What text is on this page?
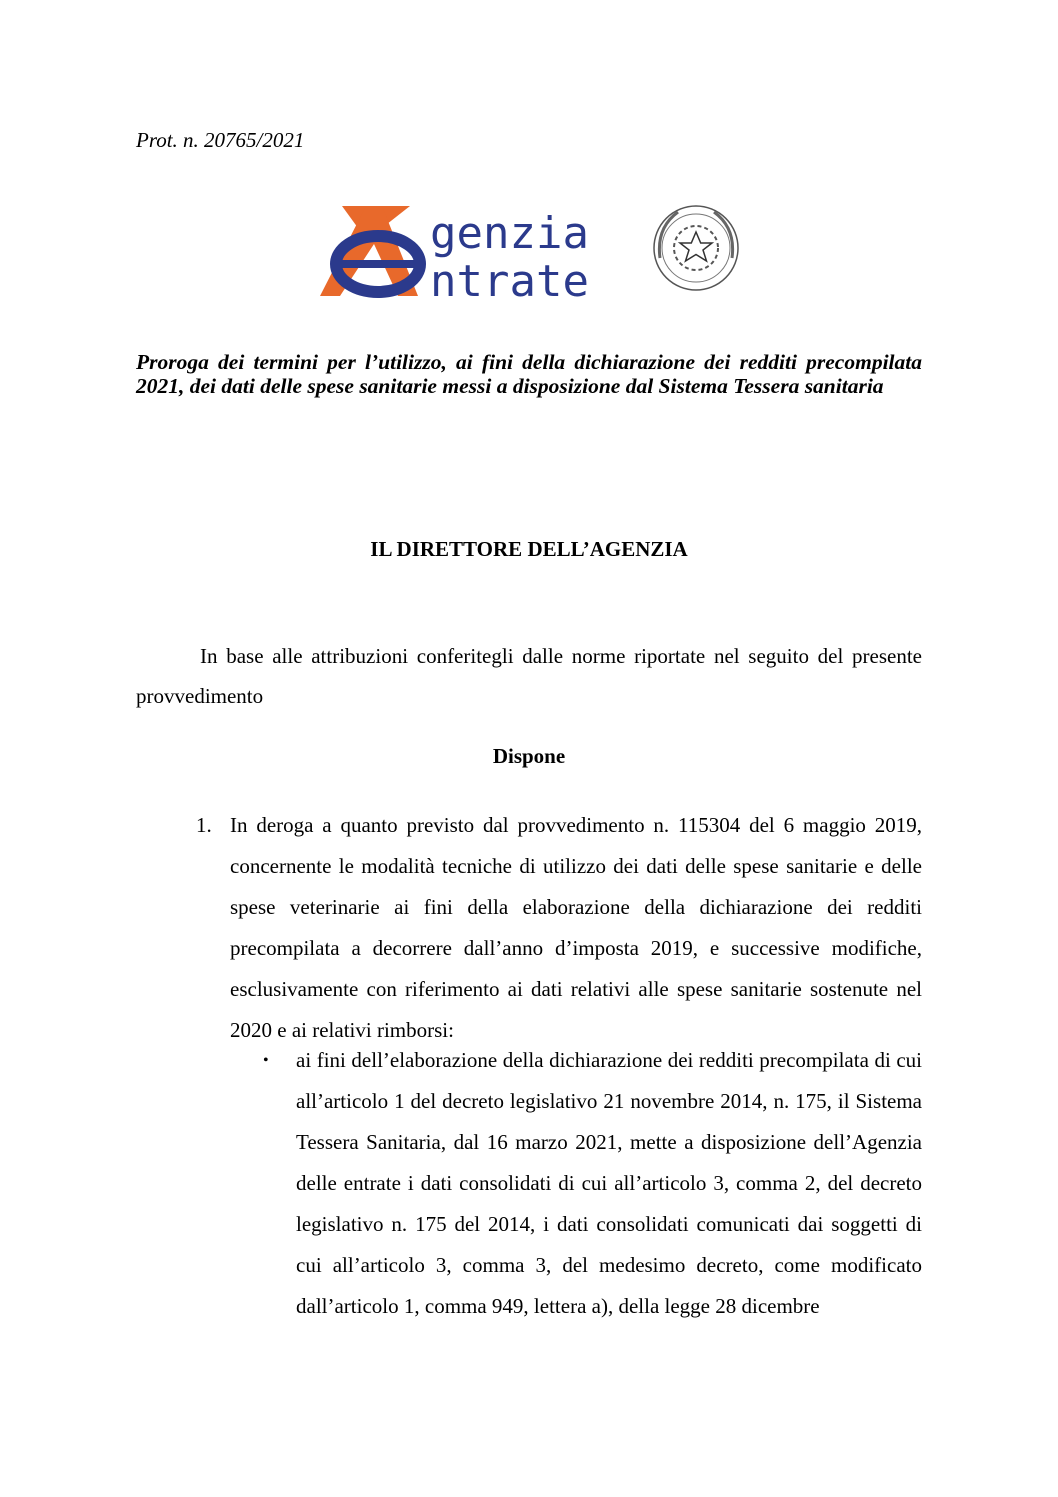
Prot. n. 20765/2021
genzia
ntrate
Proroga dei termini per l’utilizzo, ai fini della dichiarazione dei redditi precompilata 2021, dei dati delle spese sanitarie messi a disposizione dal Sistema Tessera sanitaria
IL DIRETTORE DELL’AGENZIA

In base alle attribuzioni conferitegli dalle norme riportate nel seguito del presente provvedimento

Dispone
1. In deroga a quanto previsto dal provvedimento n. 115304 del 6 maggio 2019, concernente le modalità tecniche di utilizzo dei dati delle spese sanitarie e delle spese veterinarie ai fini della elaborazione della dichiarazione dei redditi precompilata a decorrere dall’anno d’imposta 2019, e successive modifiche, esclusivamente con riferimento ai dati relativi alle spese sanitarie sostenute nel 2020 e ai relativi rimborsi:

• ai fini dell’elaborazione della dichiarazione dei redditi precompilata di cui all’articolo 1 del decreto legislativo 21 novembre 2014, n. 175, il Sistema Tessera Sanitaria, dal 16 marzo 2021, mette a disposizione dell’Agenzia delle entrate i dati consolidati di cui all’articolo 3, comma 2, del decreto legislativo n. 175 del 2014, i dati consolidati comunicati dai soggetti di cui all’articolo 3, comma 3, del medesimo decreto, come modificato dall’articolo 1, comma 949, lettera a), della legge 28 dicembre
